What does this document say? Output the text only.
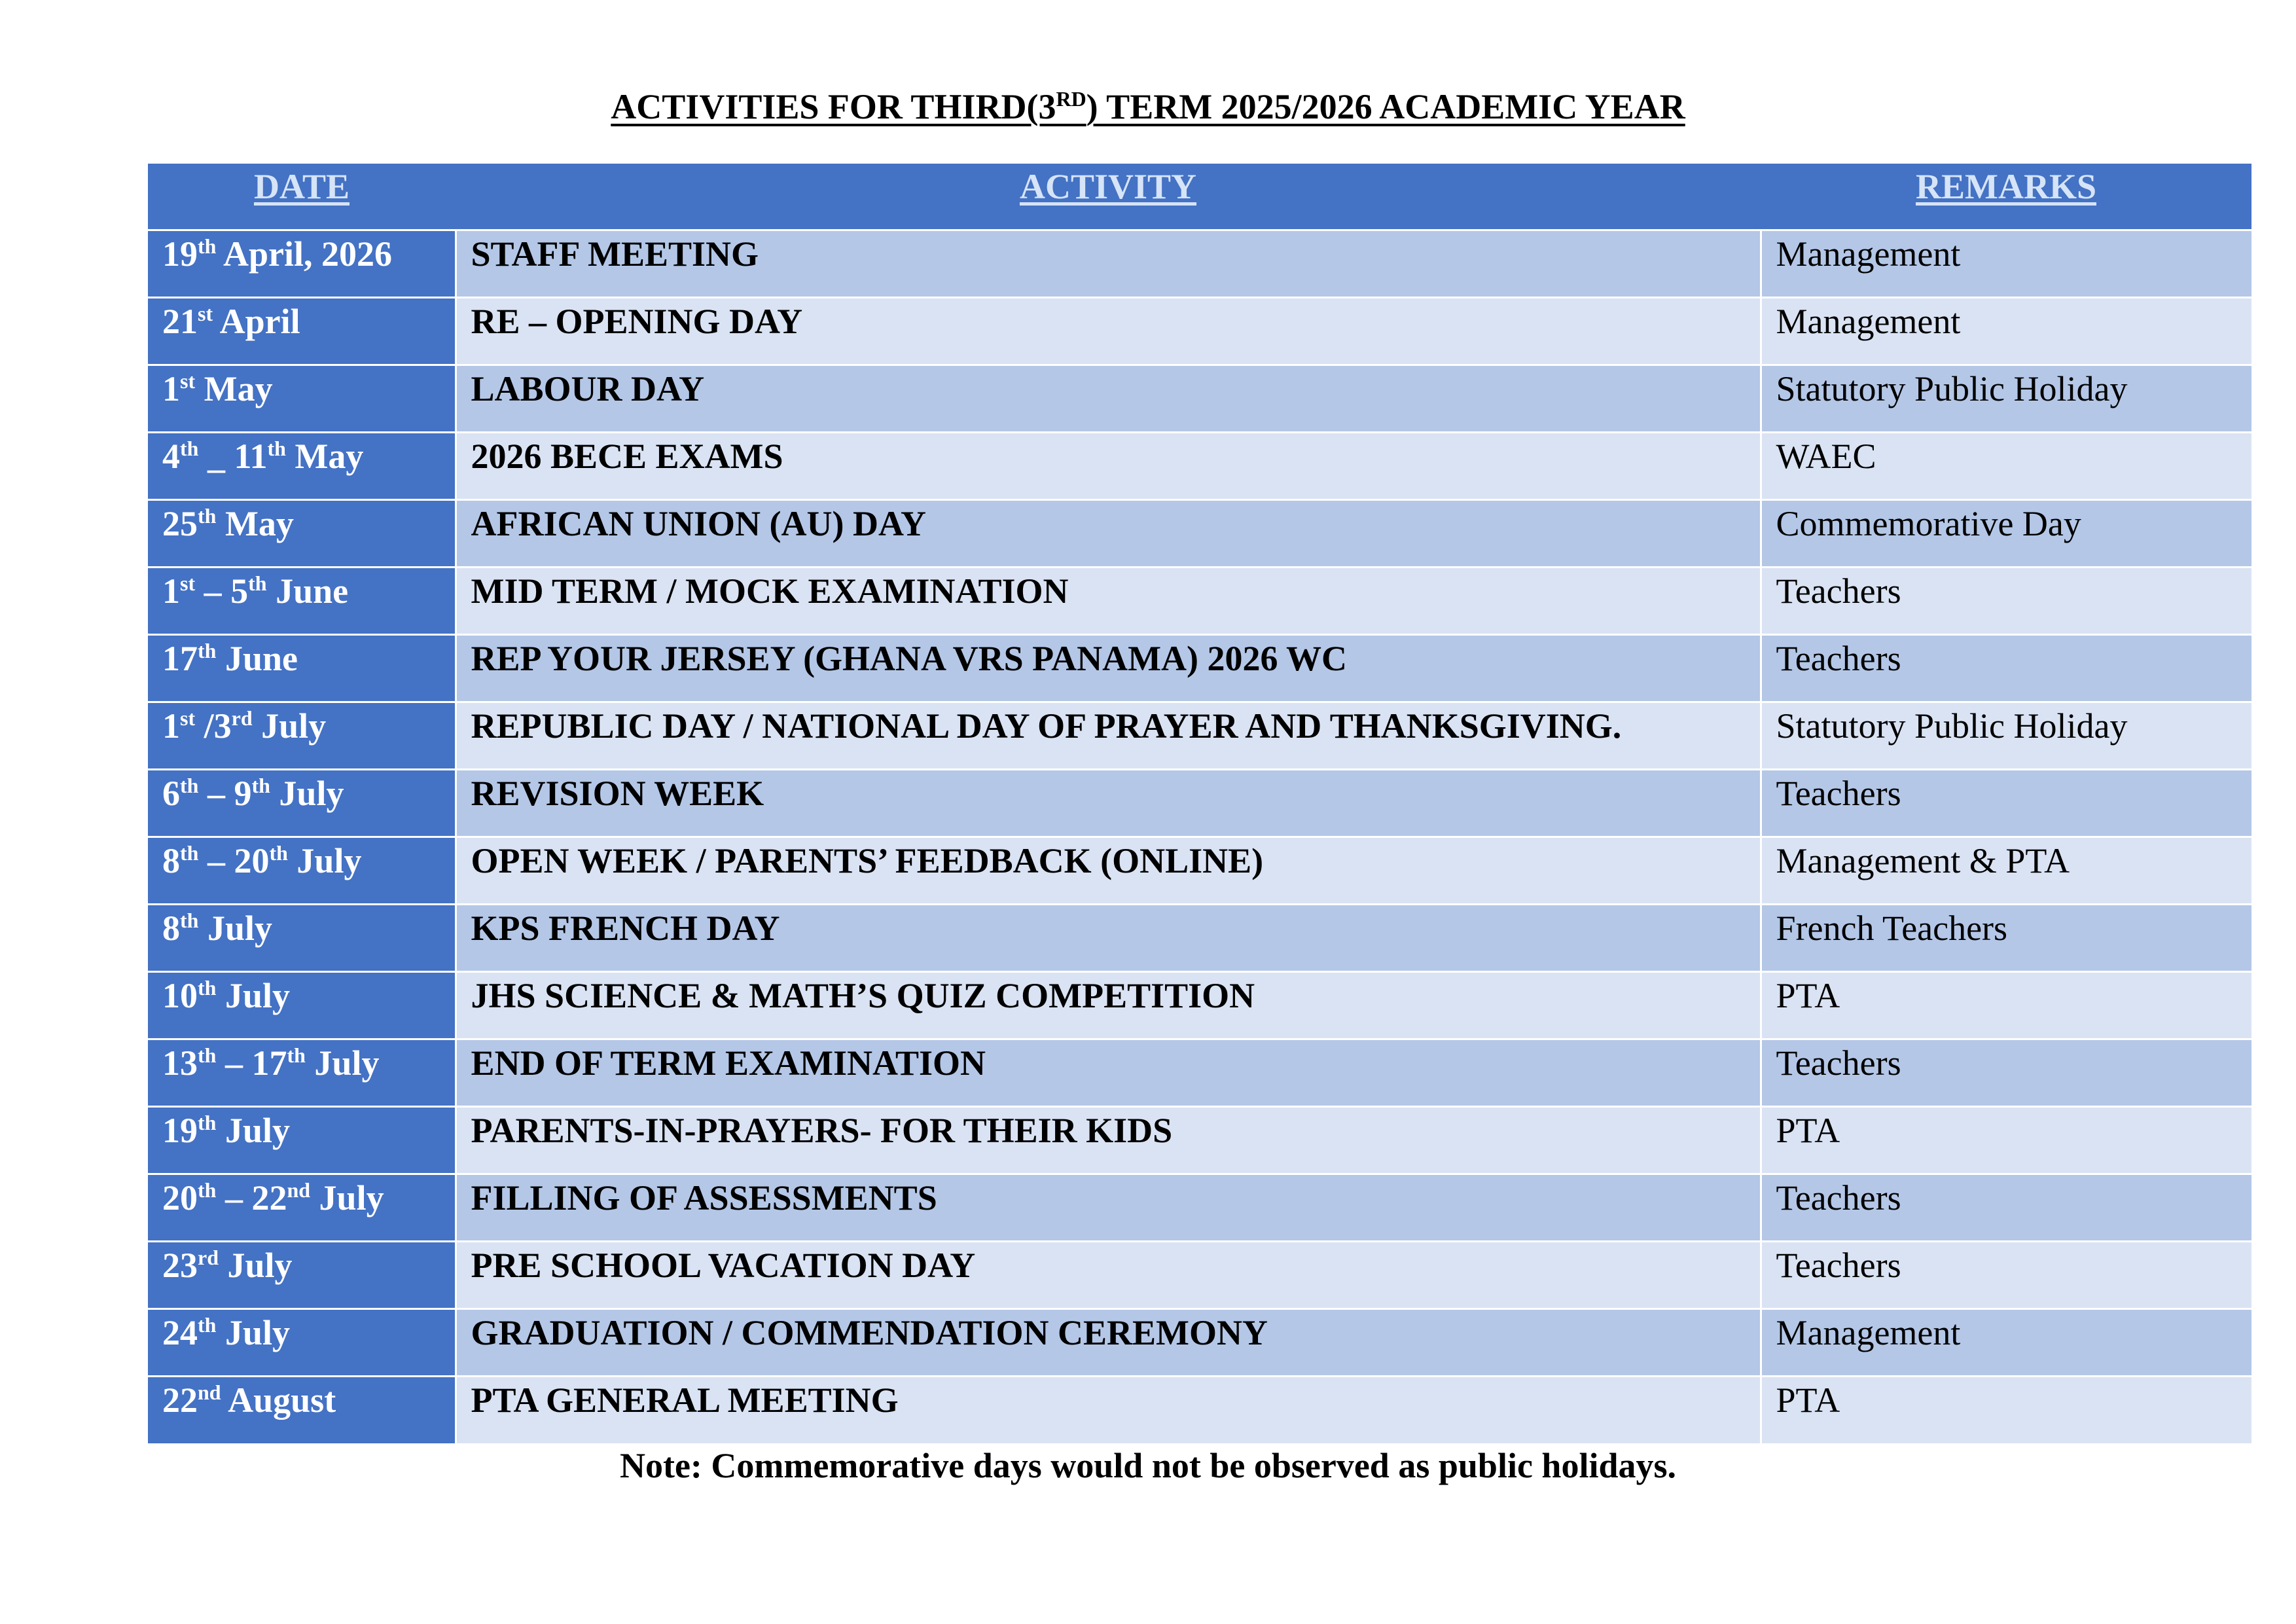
ACTIVITIES FOR THIRD(3RD) TERM 2025/2026 ACADEMIC YEAR
DATE	ACTIVITY	REMARKS
19th April, 2026	STAFF MEETING	Management
21st April	RE – OPENING DAY	Management
1st May	LABOUR DAY	Statutory Public Holiday
4th _ 11th May	2026 BECE EXAMS	WAEC
25th May	AFRICAN UNION (AU) DAY	Commemorative Day
1st – 5th June	MID TERM / MOCK EXAMINATION	Teachers
17th June	REP YOUR JERSEY (GHANA VRS PANAMA) 2026 WC	Teachers
1st /3rd July	REPUBLIC DAY / NATIONAL DAY OF PRAYER AND THANKSGIVING.	Statutory Public Holiday
6th – 9th July	REVISION WEEK	Teachers
8th – 20th July	OPEN WEEK / PARENTS’ FEEDBACK (ONLINE)	Management & PTA
8th July	KPS FRENCH DAY	French Teachers
10th July	JHS SCIENCE & MATH’S QUIZ COMPETITION	PTA
13th – 17th July	END OF TERM EXAMINATION	Teachers
19th July	PARENTS-IN-PRAYERS- FOR THEIR KIDS	PTA
20th – 22nd July	FILLING OF ASSESSMENTS	Teachers
23rd July	PRE SCHOOL VACATION DAY	Teachers
24th July	GRADUATION / COMMENDATION CEREMONY	Management
22nd August	PTA GENERAL MEETING	PTA
Note: Commemorative days would not be observed as public holidays.
